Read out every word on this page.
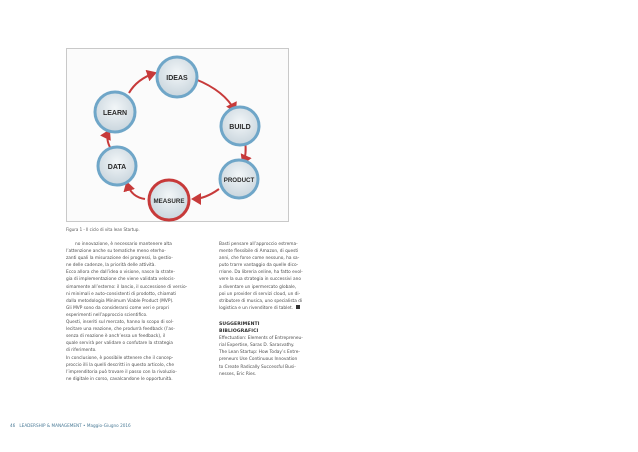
IDEAS
BUILD
PRODUCT
MEASURE
DATA
LEARN
Figura 1 - Il ciclo di vita lean Startup.
no innovazione, è necessario mantenere alta
l’attenzione anche su tematiche meno eterho-
zanti quali la misurazione dei progressi, la gestio-
ne delle cadenze, la priorità delle attività.
Ecco allora che dall’idea o visione, nasce la strate-
gia di implementazione che viene validata velocis-
simamente all’esterno: il lancio, il successione di versio-
ni minimali e auto-consistenti di prodotto, chiamati
dalla metodologia Minimum Viable Product (MVP).
Gli MVP sono da considerarsi come veri e propri
esperimenti nell’approccio scientifico.
Questi, inseriti sul mercato, hanno lo scopo di sol-
lecitare una reazione, che produrrà feedback (l’as-
senza di reazione è anch’essa un feedback), il
quale servirà per validare o confutare la strategia
di riferimento.
In conclusione, è possibile ottenere che il concep-
proccio illi la quelli descritti in questo articolo, che
l’imprenditoria può trovare il passo con la rivoluzio-
ne digitale in corso, cavalcandone le opportunità.
Basti pensare all’approccio estrema-
mente flessibile di Amazon, di questi
anni, che forse come nessuno, ha sa-
puto trarre vantaggio da quelle dico-
rrione. Da libreria online, ha fatto evol-
vere la sua strategia in successivi ano
a diventare un ipermercato globale,
poi un provider di servizi cloud, un di-
stributore di musica, uno specialista di
logistica e un rivenditore di tablet.
SUGGERIMENTI BIBLIOGRAFICI
Effectuation: Elements of Entrepreneu-
rial Expertise, Saras D. Sarasvathy.
The Lean Startup: How Today’s Entre-
preneurs Use Continuous Innovation
to Create Radically Successful Busi-
nesses, Eric Ries.
46 LEADERSHIP & MANAGEMENT • Maggio-Giugno 2016
